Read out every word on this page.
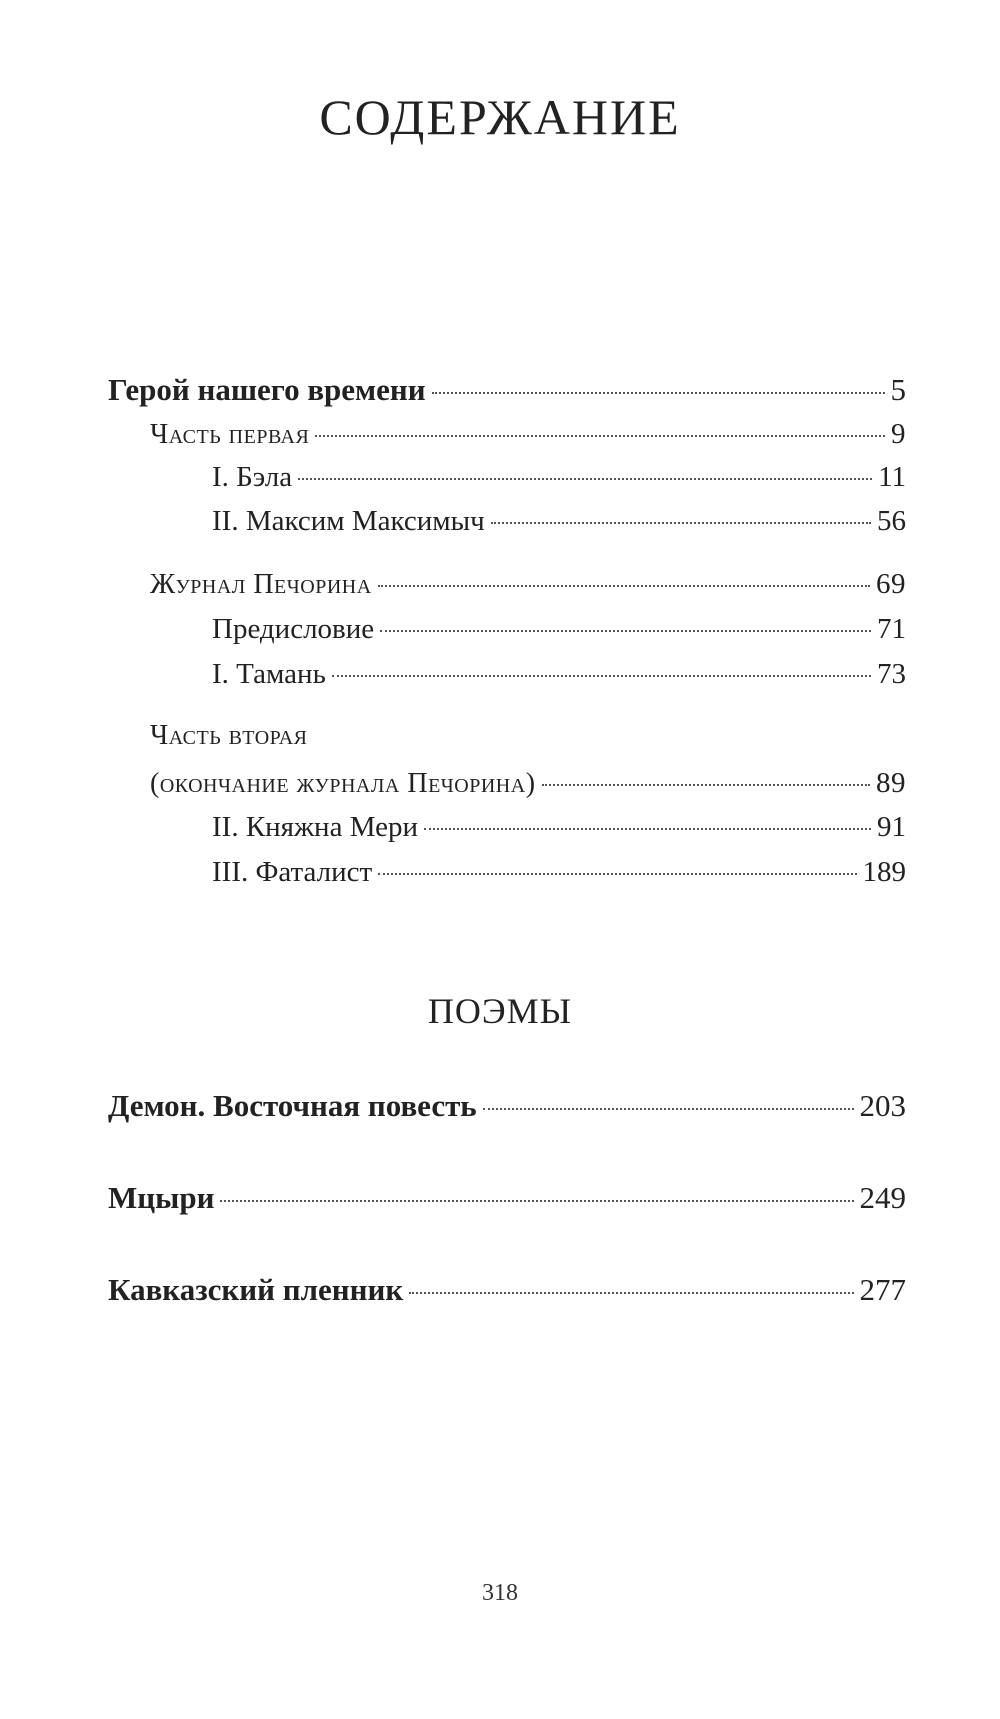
СОДЕРЖАНИЕ
Герой нашего времени	5
Часть первая	9
I. Бэла	11
II. Максим Максимыч	56
Журнал Печорина	69
Предисловие	71
I. Тамань	73
Часть вторая
(окончание журнала Печорина)	89
II. Княжна Мери	91
III. Фаталист	189
ПОЭМЫ
Демон. Восточная повесть	203
Мцыри	249
Кавказский пленник	277
318
